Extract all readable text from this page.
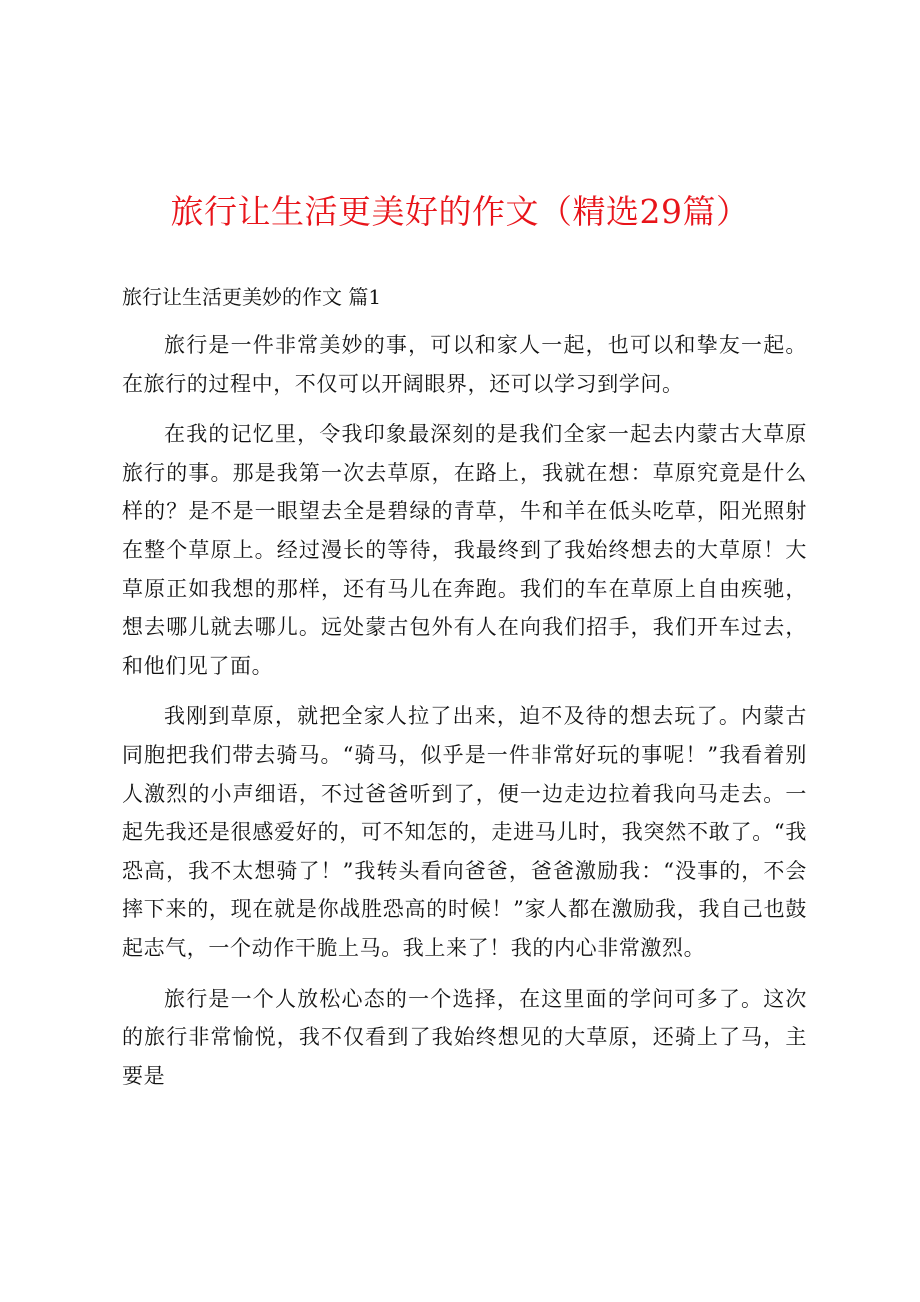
旅行让生活更美好的作文（精选29篇）

旅行让生活更美妙的作文 篇1

旅行是一件非常美妙的事，可以和家人一起，也可以和挚友一起。在旅行的过程中，不仅可以开阔眼界，还可以学习到学问。

在我的记忆里，令我印象最深刻的是我们全家一起去内蒙古大草原旅行的事。那是我第一次去草原，在路上，我就在想：草原究竟是什么样的？是不是一眼望去全是碧绿的青草，牛和羊在低头吃草，阳光照射在整个草原上。经过漫长的等待，我最终到了我始终想去的大草原！大草原正如我想的那样，还有马儿在奔跑。我们的车在草原上自由疾驰，想去哪儿就去哪儿。远处蒙古包外有人在向我们招手，我们开车过去，和他们见了面。

我刚到草原，就把全家人拉了出来，迫不及待的想去玩了。内蒙古同胞把我们带去骑马。“骑马，似乎是一件非常好玩的事呢！”我看着别人激烈的小声细语，不过爸爸听到了，便一边走边拉着我向马走去。一起先我还是很感爱好的，可不知怎的，走进马儿时，我突然不敢了。“我恐高，我不太想骑了！”我转头看向爸爸，爸爸激励我：“没事的，不会摔下来的，现在就是你战胜恐高的时候！”家人都在激励我，我自己也鼓起志气，一个动作干脆上马。我上来了！我的内心非常激烈。

旅行是一个人放松心态的一个选择，在这里面的学问可多了。这次的旅行非常愉悦，我不仅看到了我始终想见的大草原，还骑上了马，主要是
